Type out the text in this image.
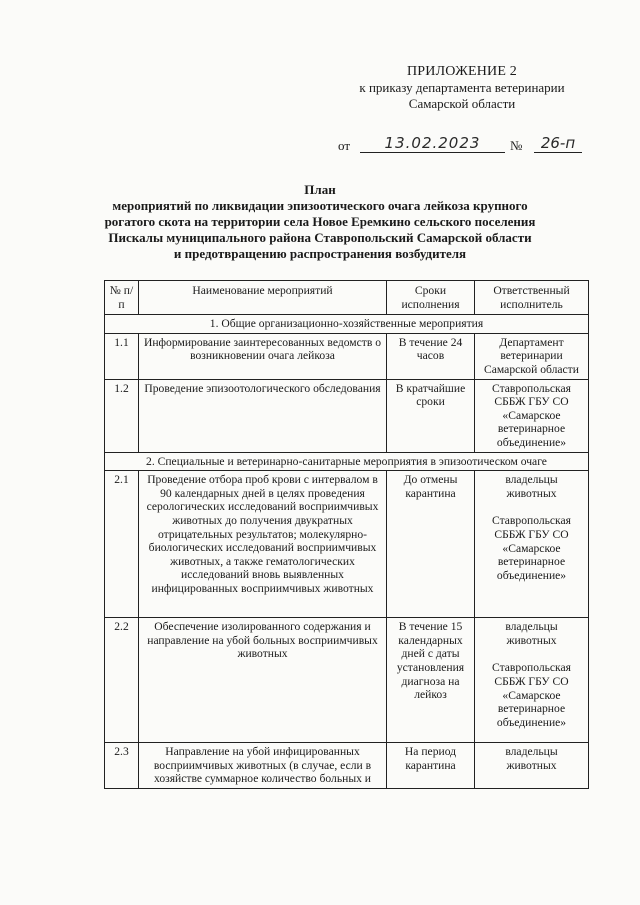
ПРИЛОЖЕНИЕ 2
к приказу департамента ветеринарии
Самарской области
от	13.02.2023	№	26-п
План
мероприятий по ликвидации эпизоотического очага лейкоза крупного
рогатого скота на территории села Новое Еремкино сельского поселения
Пискалы муниципального района Ставропольский Самарской области
и предотвращению распространения возбудителя
№ п/п	Наименование мероприятий	Сроки исполнения	Ответственный исполнитель
1. Общие организационно-хозяйственные мероприятия			
1.1	Информирование заинтересованных ведомств о возникновении очага лейкоза	В течение 24 часов	Департамент ветеринарии Самарской области
1.2	Проведение эпизоотологического обследования	В кратчайшие сроки	Ставропольская СББЖ ГБУ СО «Самарское ветеринарное объединение»
2. Специальные и ветеринарно-санитарные мероприятия в эпизоотическом очаге			
2.1	Проведение отбора проб крови с интервалом в 90 календарных дней в целях проведения серологических исследований восприимчивых животных до получения двукратных отрицательных результатов; молекулярно-биологических исследований восприимчивых животных, а также гематологических исследований вновь выявленных инфицированных восприимчивых животных	До отмены карантина	владельцы животных
Ставропольская СББЖ ГБУ СО «Самарское ветеринарное объединение»
2.2	Обеспечение изолированного содержания и направление на убой больных восприимчивых животных	В течение 15 календарных дней с даты установления диагноза на лейкоз	владельцы животных
Ставропольская СББЖ ГБУ СО «Самарское ветеринарное объединение»
2.3	Направление на убой инфицированных восприимчивых животных (в случае, если в хозяйстве суммарное количество больных и	На период карантина	владельцы животных
